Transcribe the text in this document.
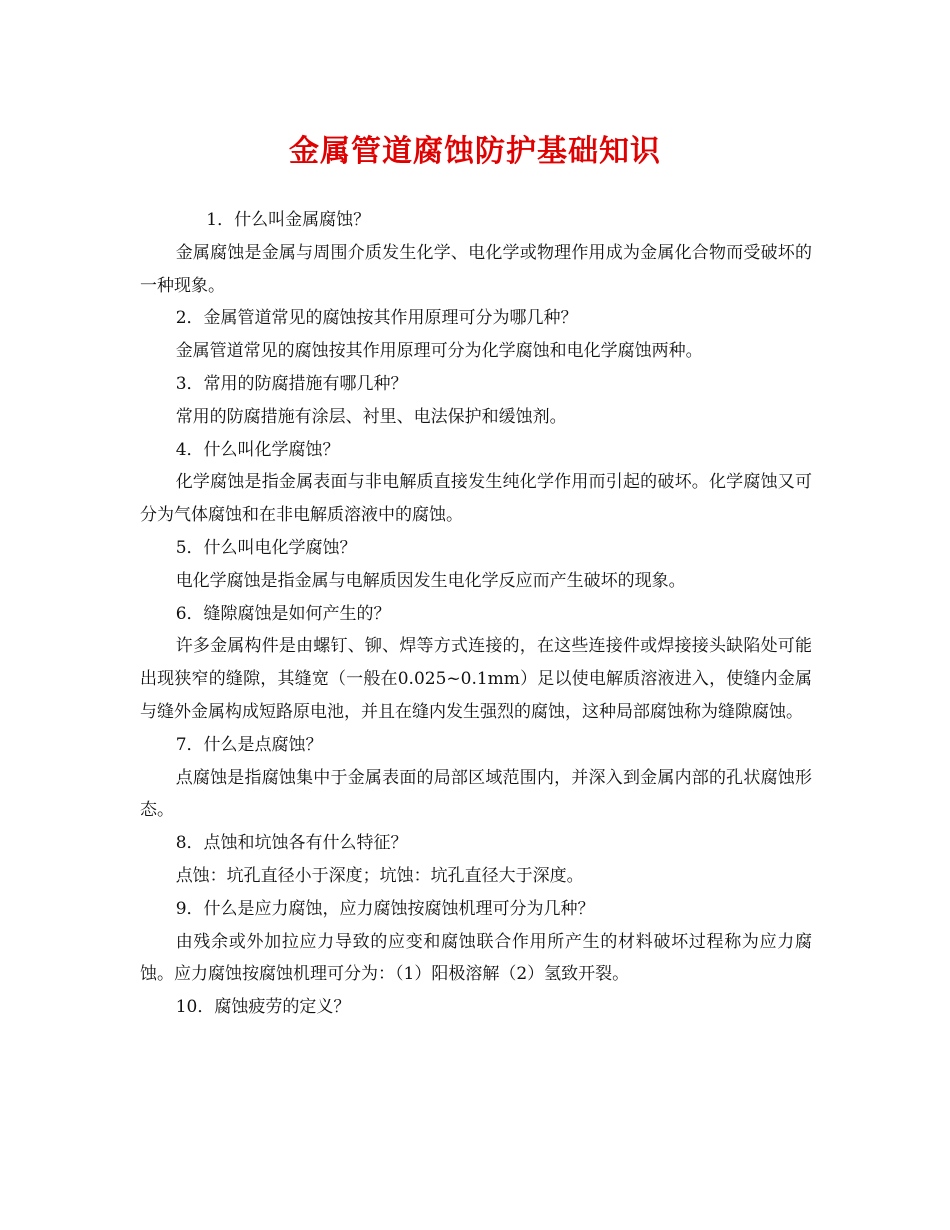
金属管道腐蚀防护基础知识

1．什么叫金属腐蚀？

金属腐蚀是金属与周围介质发生化学、电化学或物理作用成为金属化合物而受破坏的一种现象。

2．金属管道常见的腐蚀按其作用原理可分为哪几种？

金属管道常见的腐蚀按其作用原理可分为化学腐蚀和电化学腐蚀两种。

3．常用的防腐措施有哪几种？

常用的防腐措施有涂层、衬里、电法保护和缓蚀剂。

4．什么叫化学腐蚀？

化学腐蚀是指金属表面与非电解质直接发生纯化学作用而引起的破坏。化学腐蚀又可分为气体腐蚀和在非电解质溶液中的腐蚀。

5．什么叫电化学腐蚀？

电化学腐蚀是指金属与电解质因发生电化学反应而产生破坏的现象。

6．缝隙腐蚀是如何产生的？

许多金属构件是由螺钉、铆、焊等方式连接的，在这些连接件或焊接接头缺陷处可能出现狭窄的缝隙，其缝宽（一般在0.025~0.1mm）足以使电解质溶液进入，使缝内金属与缝外金属构成短路原电池，并且在缝内发生强烈的腐蚀，这种局部腐蚀称为缝隙腐蚀。

7．什么是点腐蚀？

点腐蚀是指腐蚀集中于金属表面的局部区域范围内，并深入到金属内部的孔状腐蚀形态。

8．点蚀和坑蚀各有什么特征？

点蚀：坑孔直径小于深度；坑蚀：坑孔直径大于深度。

9．什么是应力腐蚀，应力腐蚀按腐蚀机理可分为几种？

由残余或外加拉应力导致的应变和腐蚀联合作用所产生的材料破坏过程称为应力腐蚀。应力腐蚀按腐蚀机理可分为：（1）阳极溶解（2）氢致开裂。

10．腐蚀疲劳的定义？
